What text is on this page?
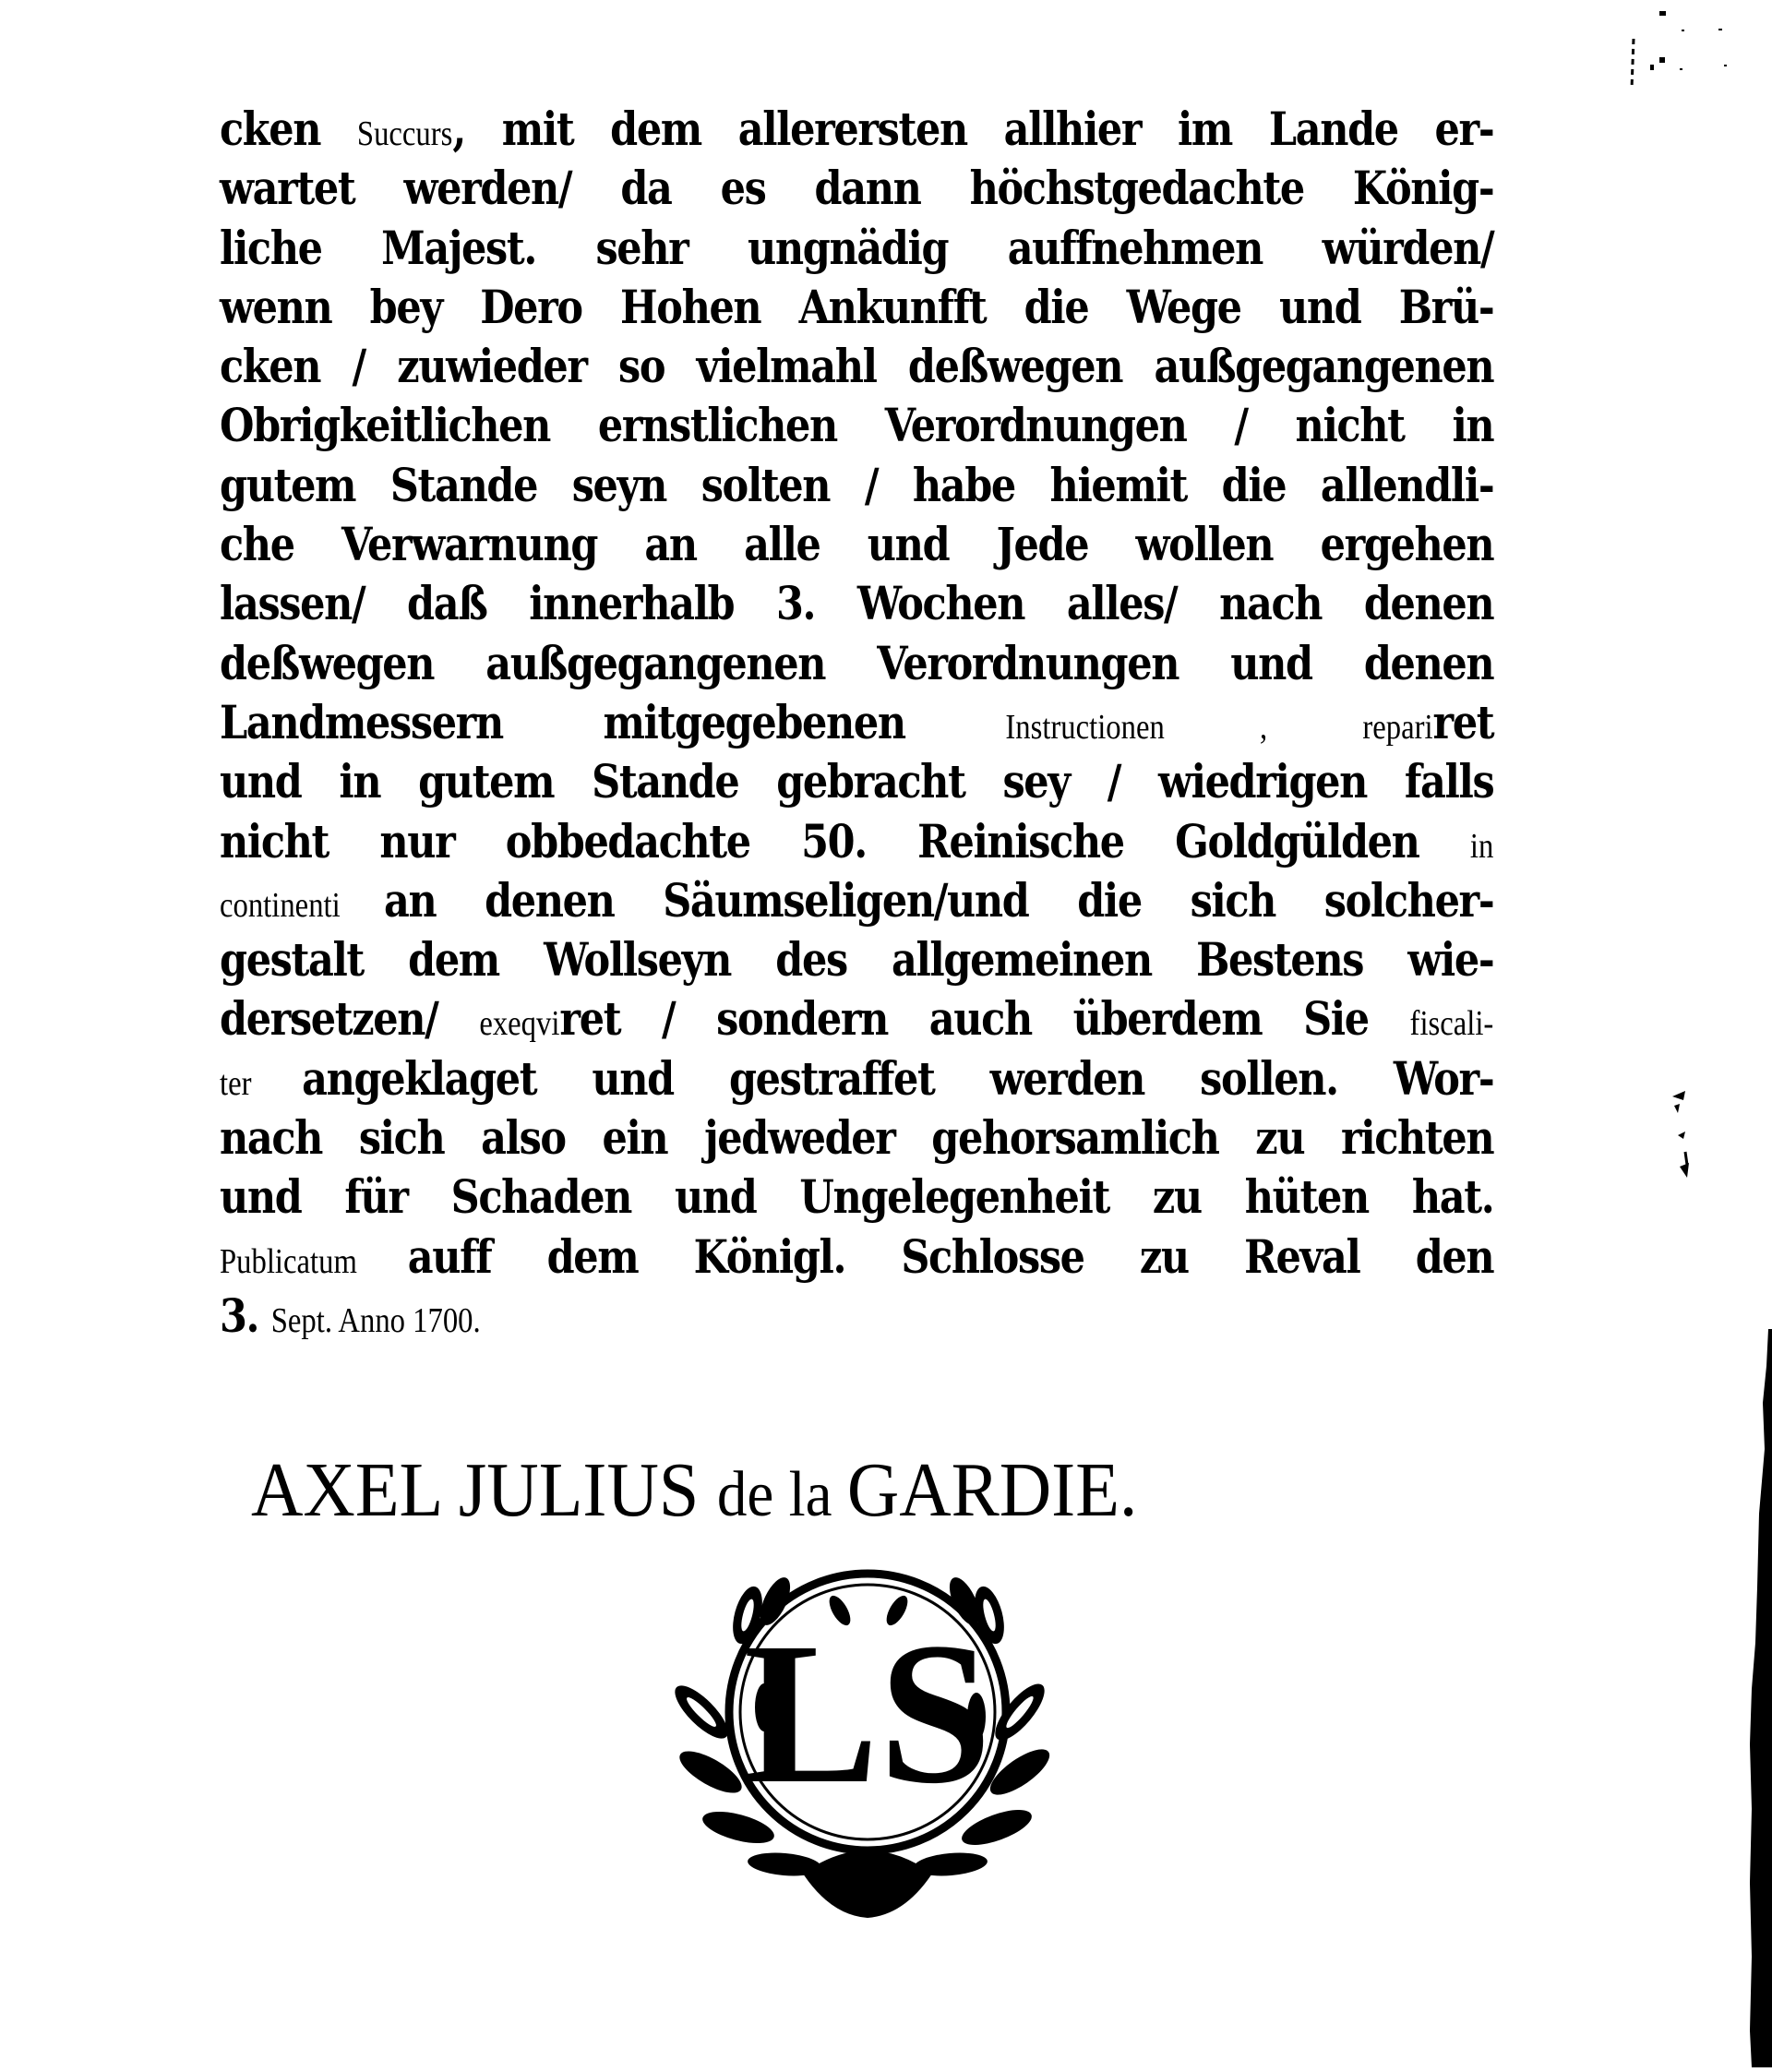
cken Succurs, mit dem allerersten allhier im Lande er-
wartet werden/ da es dann höchstgedachte König-
liche Majest. sehr ungnädig auffnehmen würden/
wenn bey Dero Hohen Ankunfft die Wege und Brü-
cken / zuwieder so vielmahl deßwegen außgegangenen
Obrigkeitlichen ernstlichen Verordnungen / nicht in
gutem Stande seyn solten / habe hiemit die allendli-
che Verwarnung an alle und Jede wollen ergehen
lassen/ daß innerhalb 3. Wochen alles/ nach denen
deßwegen außgegangenen Verordnungen und denen
Landmessern mitgegebenen Instructionen , repariret
und in gutem Stande gebracht sey / wiedrigen falls
nicht nur obbedachte 50. Reinische Goldgülden in
continenti an denen Säumseligen/und die sich solcher-
gestalt dem Wollseyn des allgemeinen Bestens wie-
dersetzen/ exeqviret / sondern auch überdem Sie fiscali-
ter angeklaget und gestraffet werden sollen. Wor-
nach sich also ein jedweder gehorsamlich zu richten
und für Schaden und Ungelegenheit zu hüten hat.
Publicatum auff dem Königl. Schlosse zu Reval den
3. Sept. Anno 1700.
AXEL JULIUS de la GARDIE.
LS
